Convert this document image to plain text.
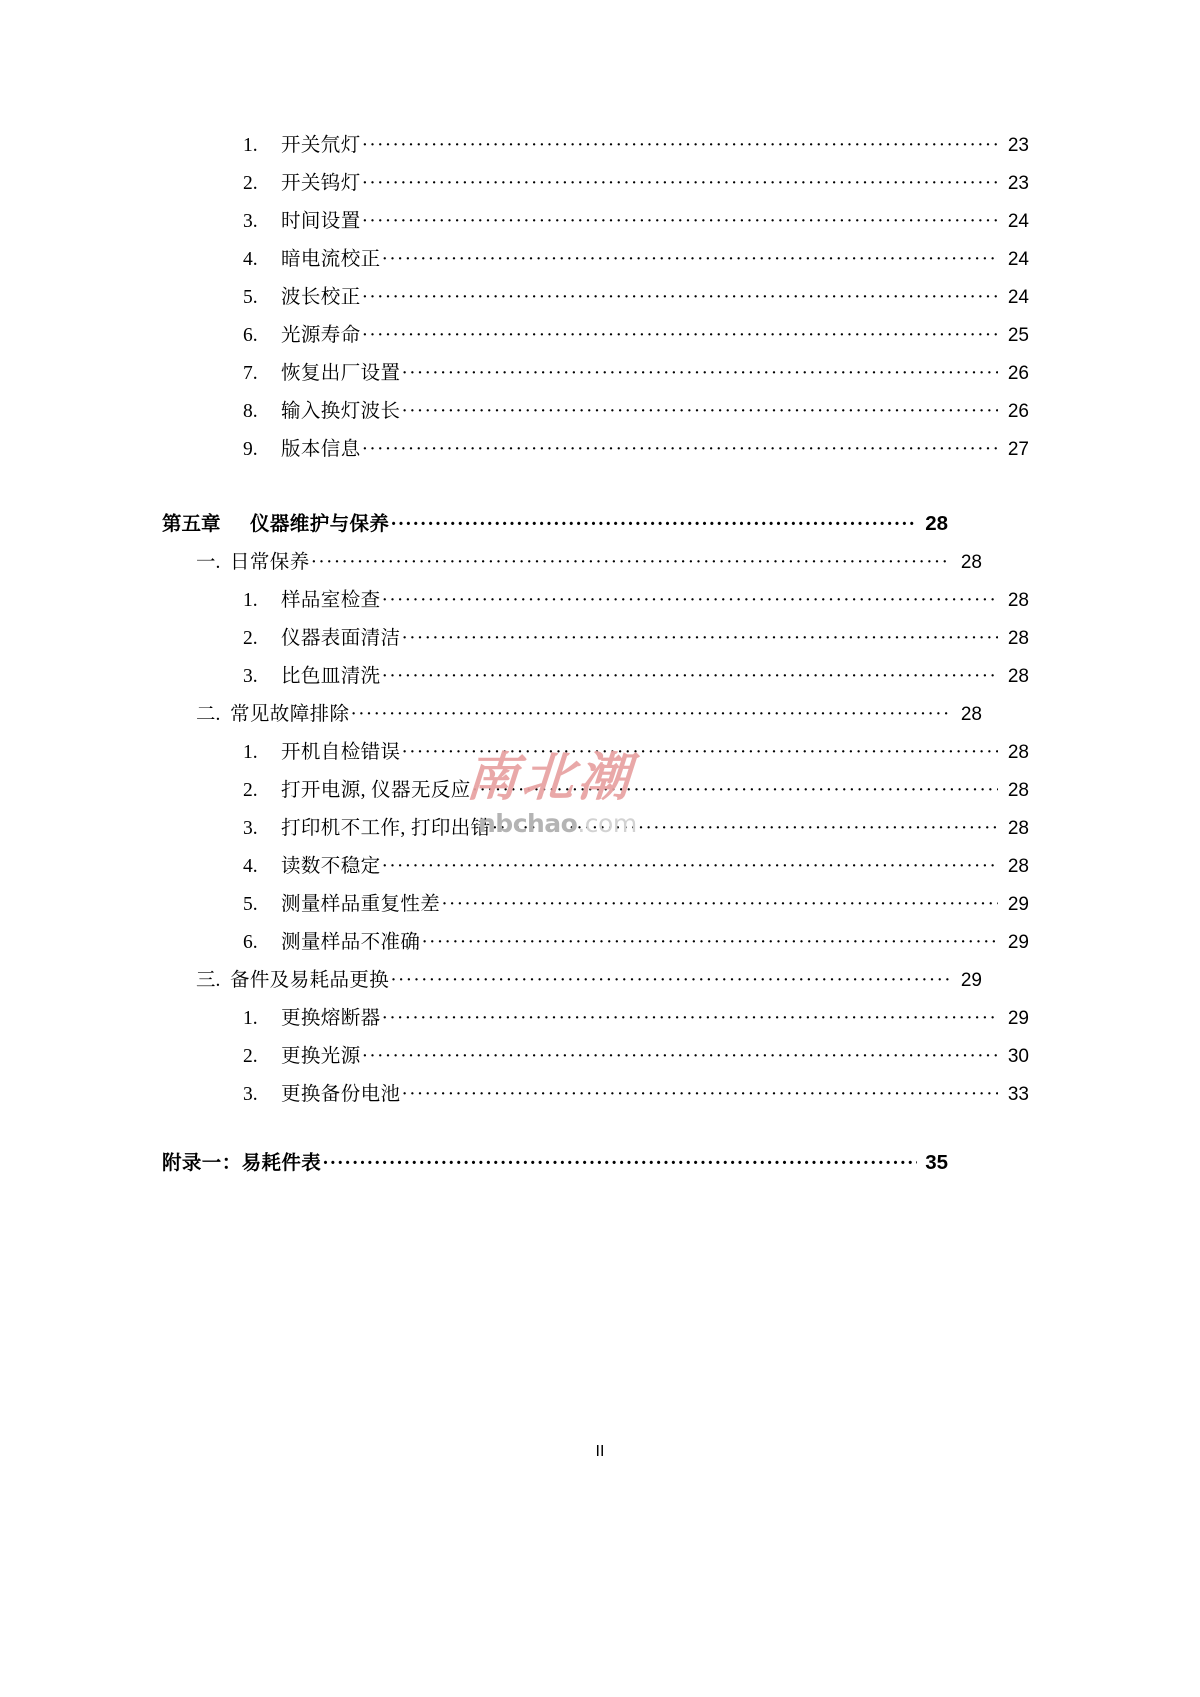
1.	开关氘灯 ·····	23
2.	开关钨灯 ·····	23
3.	时间设置 ·····	24
4.	暗电流校正 ·····	24
5.	波长校正 ·····	24
6.	光源寿命 ·····	25
7.	恢复出厂设置 ·····	26
8.	输入换灯波长 ·····	26
9.	版本信息 ·····	27
第五章	仪器维护与保养 ·····	28
一. 日常保养 ·····	28
1.	样品室检查 ·····	28
2.	仪器表面清洁 ·····	28
3.	比色皿清洗 ·····	28
二. 常见故障排除 ·····	28
1.	开机自检错误 ·····	28
2.	打开电源, 仪器无反应 ·····	28
3.	打印机不工作, 打印出错 ·····	28
4.	读数不稳定 ·····	28
5.	测量样品重复性差 ·····	29
6.	测量样品不准确 ·····	29
三. 备件及易耗品更换 ·····	29
1.	更换熔断器 ·····	29
2.	更换光源 ·····	30
3.	更换备份电池 ·····	33
附录一：易耗件表 ·····	35
南北潮
nbchao.com
II
